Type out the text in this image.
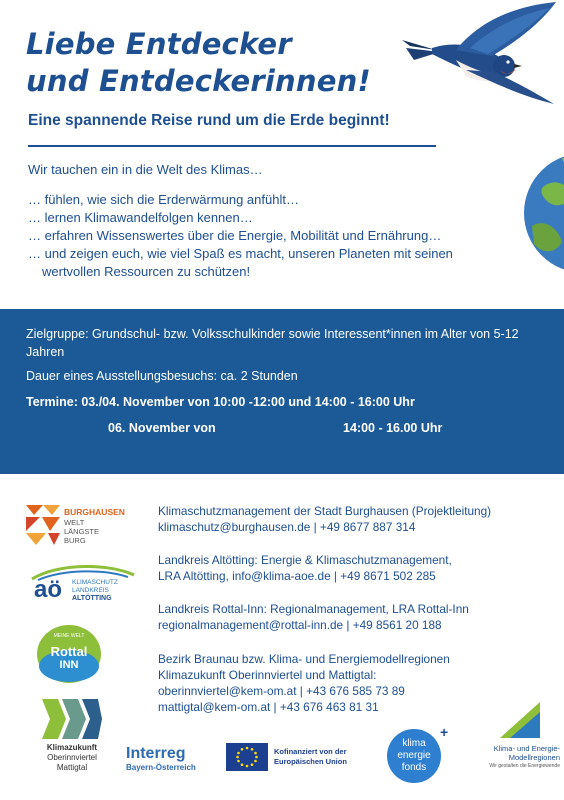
Liebe Entdecker
und Entdeckerinnen!

Eine spannende Reise rund um die Erde beginnt!

Wir tauchen ein in die Welt des Klimas…

… fühlen, wie sich die Erderwärmung anfühlt…
… lernen Klimawandelfolgen kennen…
… erfahren Wissenswertes über die Energie, Mobilität und Ernährung…
… und zeigen euch, wie viel Spaß es macht, unseren Planeten mit seinen
wertvollen Ressourcen zu schützen!
Zielgruppe: Grundschul- bzw. Volksschulkinder sowie Interessent*innen im Alter von 5-12 Jahren
Dauer eines Ausstellungsbesuchs: ca. 2 Stunden
Termine: 03./04. November von 10:00 -12:00 und 14:00 - 16:00 Uhr
06. November von	14:00 - 16.00 Uhr
Klimaschutzmanagement der Stadt Burghausen (Projektleitung)
klimaschutz@burghausen.de | +49 8677 887 314
Landkreis Altötting: Energie & Klimaschutzmanagement,
LRA Altötting, info@klima-aoe.de | +49 8671 502 285
Landkreis Rottal-Inn: Regionalmanagement, LRA Rottal-Inn
regionalmanagement@rottal-inn.de | +49 8561 20 188
Bezirk Braunau bzw. Klima- und Energiemodellregionen
Klimazukunft Oberinnviertel und Mattigtal:
oberinnviertel@kem-om.at | +43 676 585 73 89
mattigtal@kem-om.at | +43 676 463 81 31
BURGHAUSEN
WELT
LÄNGSTE
BURG
aö KLIMASCHUTZ
LANDKREIS
ALTÖTTING
MEINE WELT
Rottal
INN
Klimazukunft
Oberinnviertel
Mattigtal
Interreg
Bayern-Österreich
Kofinanziert von der
Europäischen Union
klima
energie
fonds
+
Klima- und Energie-
Modellregionen
Wir gestalten die Energiewende
